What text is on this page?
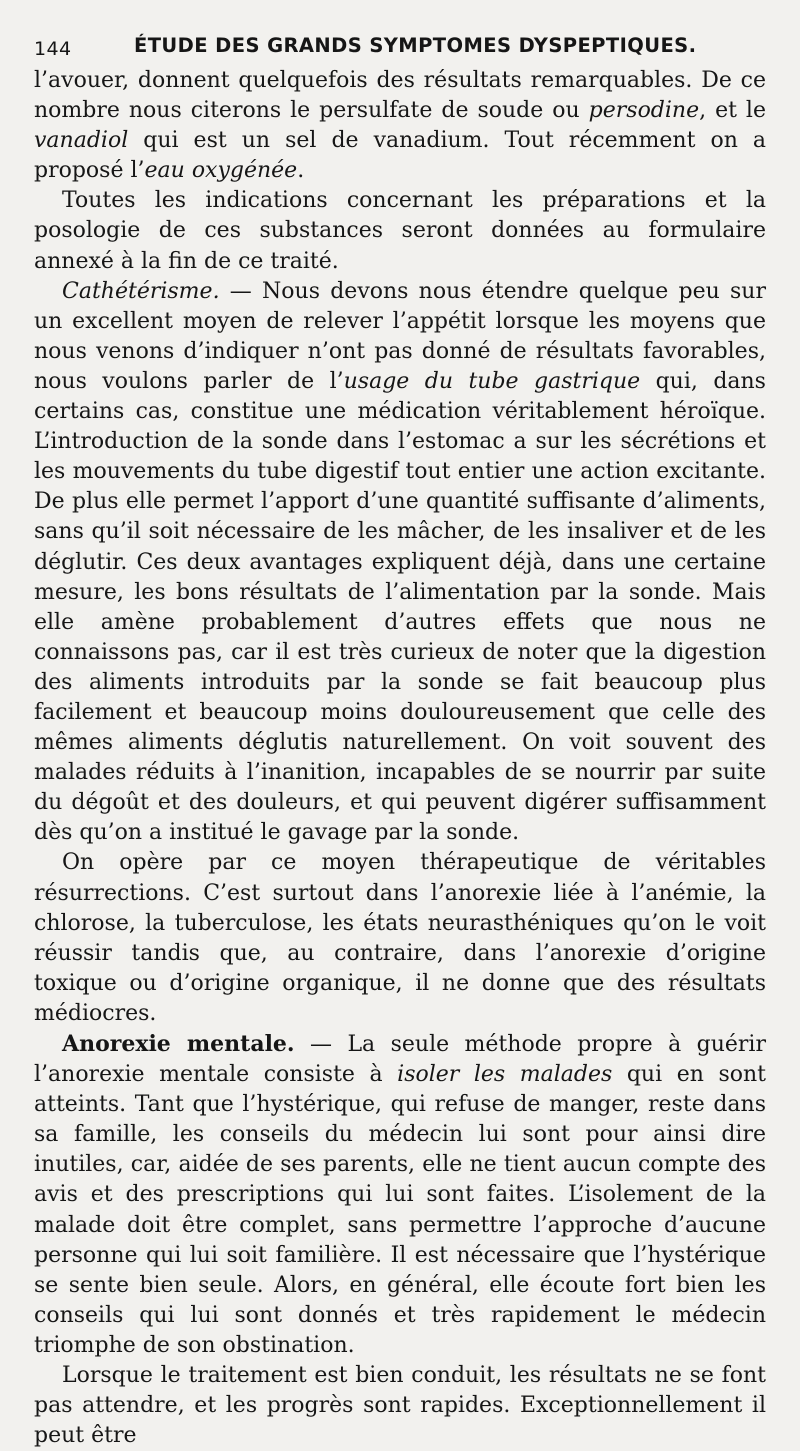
144	ÉTUDE DES GRANDS SYMPTOMES DYSPEPTIQUES.

l’avouer, donnent quelquefois des résultats remarquables. De ce nombre nous citerons le persulfate de soude ou persodine, et le vanadiol qui est un sel de vanadium. Tout récemment on a proposé l’eau oxygénée.

Toutes les indications concernant les préparations et la posologie de ces substances seront données au formulaire annexé à la fin de ce traité.

Cathétérisme. — Nous devons nous étendre quelque peu sur un excellent moyen de relever l’appétit lorsque les moyens que nous venons d’indiquer n’ont pas donné de résultats favorables, nous voulons parler de l’usage du tube gastrique qui, dans certains cas, constitue une médication véritablement héroïque. L’introduction de la sonde dans l’estomac a sur les sécrétions et les mouvements du tube digestif tout entier une action excitante. De plus elle permet l’apport d’une quantité suffisante d’aliments, sans qu’il soit nécessaire de les mâcher, de les insaliver et de les déglutir. Ces deux avantages expliquent déjà, dans une certaine mesure, les bons résultats de l’alimentation par la sonde. Mais elle amène probablement d’autres effets que nous ne connaissons pas, car il est très curieux de noter que la digestion des aliments introduits par la sonde se fait beaucoup plus facilement et beaucoup moins douloureusement que celle des mêmes aliments déglutis naturellement. On voit souvent des malades réduits à l’inanition, incapables de se nourrir par suite du dégoût et des douleurs, et qui peuvent digérer suffisamment dès qu’on a institué le gavage par la sonde.

On opère par ce moyen thérapeutique de véritables résurrections. C’est surtout dans l’anorexie liée à l’anémie, la chlorose, la tuberculose, les états neurasthéniques qu’on le voit réussir tandis que, au contraire, dans l’anorexie d’origine toxique ou d’origine organique, il ne donne que des résultats médiocres.

Anorexie mentale. — La seule méthode propre à guérir l’anorexie mentale consiste à isoler les malades qui en sont atteints. Tant que l’hystérique, qui refuse de manger, reste dans sa famille, les conseils du médecin lui sont pour ainsi dire inutiles, car, aidée de ses parents, elle ne tient aucun compte des avis et des prescriptions qui lui sont faites. L’isolement de la malade doit être complet, sans permettre l’approche d’aucune personne qui lui soit familière. Il est nécessaire que l’hystérique se sente bien seule. Alors, en général, elle écoute fort bien les conseils qui lui sont donnés et très rapidement le médecin triomphe de son obstination.

Lorsque le traitement est bien conduit, les résultats ne se font pas attendre, et les progrès sont rapides. Exceptionnellement il peut être
